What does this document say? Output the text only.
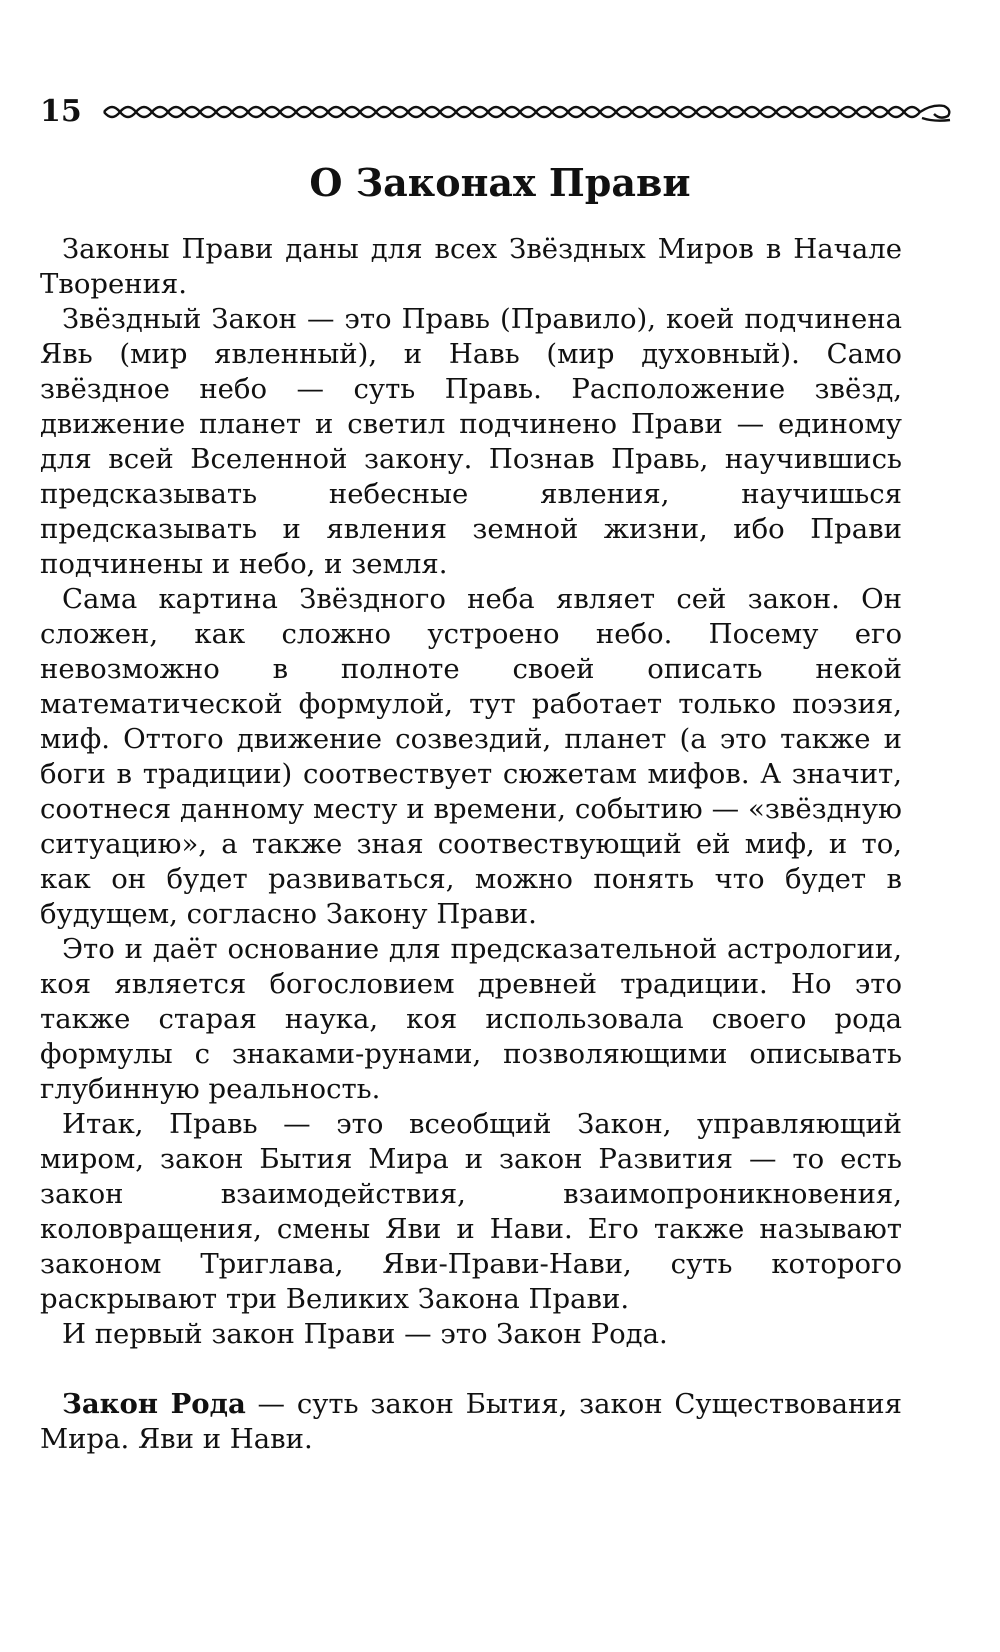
15
О Законах Прави

Законы Прави даны для всех Звёздных Миров в Начале Творения.

Звёздный Закон — это Правь (Правило), коей подчинена Явь (мир явленный), и Навь (мир духовный). Само звёздное небо — суть Правь. Расположение звёзд, движение планет и светил подчинено Прави — единому для всей Вселенной закону. Познав Правь, научившись предсказывать небесные явления, научишься предсказывать и явления земной жизни, ибо Прави подчинены и небо, и земля.

Сама картина Звёздного неба являет сей закон. Он сложен, как сложно устроено небо. Посему его невозможно в полноте своей описать некой математической формулой, тут работает только поэзия, миф. Оттого движение созвездий, планет (а это также и боги в традиции) соотвествует сюжетам мифов. А значит, соотнеся данному месту и времени, событию — «звёздную ситуацию», а также зная соотвествующий ей миф, и то, как он будет развиваться, можно понять что будет в будущем, согласно Закону Прави.

Это и даёт основание для предсказательной астрологии, коя является богословием древней традиции. Но это также старая наука, коя использовала своего рода формулы с знаками-рунами, позволяющими описывать глубинную реальность.

Итак, Правь — это всеобщий Закон, управляющий миром, закон Бытия Мира и закон Развития — то есть закон взаимодействия, взаимопроникновения, коловращения, смены Яви и Нави. Его также называют законом Триглава, Яви-Прави-Нави, суть которого раскрывают три Великих Закона Прави.

И первый закон Прави — это Закон Рода.

Закон Рода — суть закон Бытия, закон Существования Мира. Яви и Нави.
